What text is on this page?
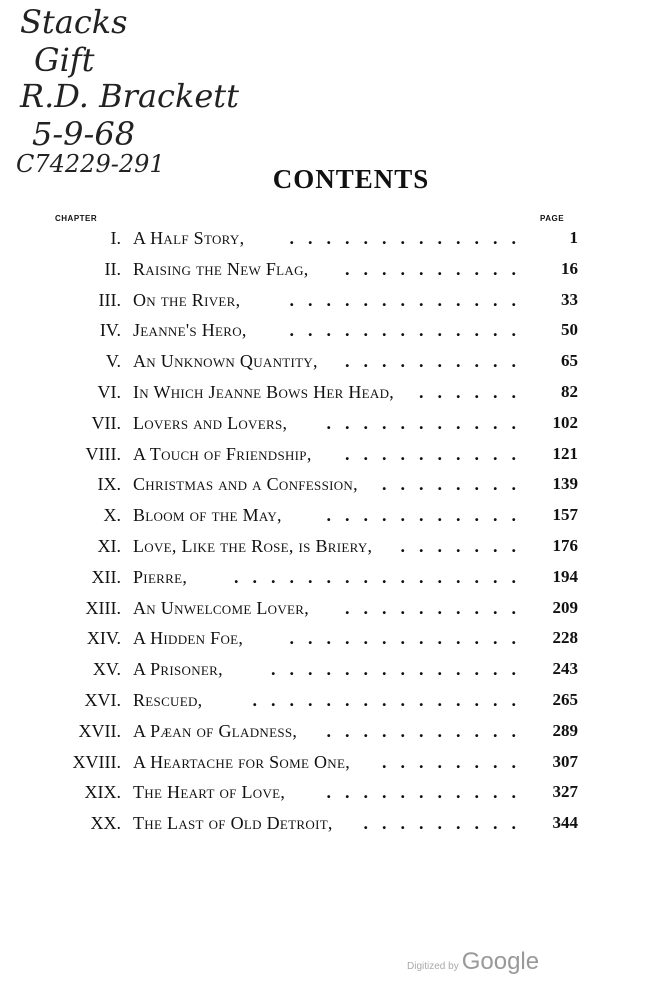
Stacks
Gift
R.D. Brackett
5-9-68
C74229-291	CONTENTS
CHAPTER	PAGE
I. A Half Story,	1
.............
II. Raising the New Flag,	16
..........
III. On the River,	33
.............
IV. Jeanne's Hero,	50
.............
V. An Unknown Quantity,	65
..........
VI. In Which Jeanne Bows Her Head,	82
......
VII. Lovers and Lovers,	102
...........
VIII. A Touch of Friendship,	121
..........
IX. Christmas and a Confession,	139
........
X. Bloom of the May,	157
...........
XI. Love, Like the Rose, is Briery,	176
.......
XII. Pierre,	194
................
XIII. An Unwelcome Lover,	209
..........
XIV. A Hidden Foe,	228
.............
XV. A Prisoner,	243
..............
XVI. Rescued,	265
...............
XVII. A Pæan of Gladness,	289
...........
XVIII. A Heartache for Some One,	307
........
XIX. The Heart of Love,	327
...........
XX. The Last of Old Detroit,	344
.........
Digitized by Google
